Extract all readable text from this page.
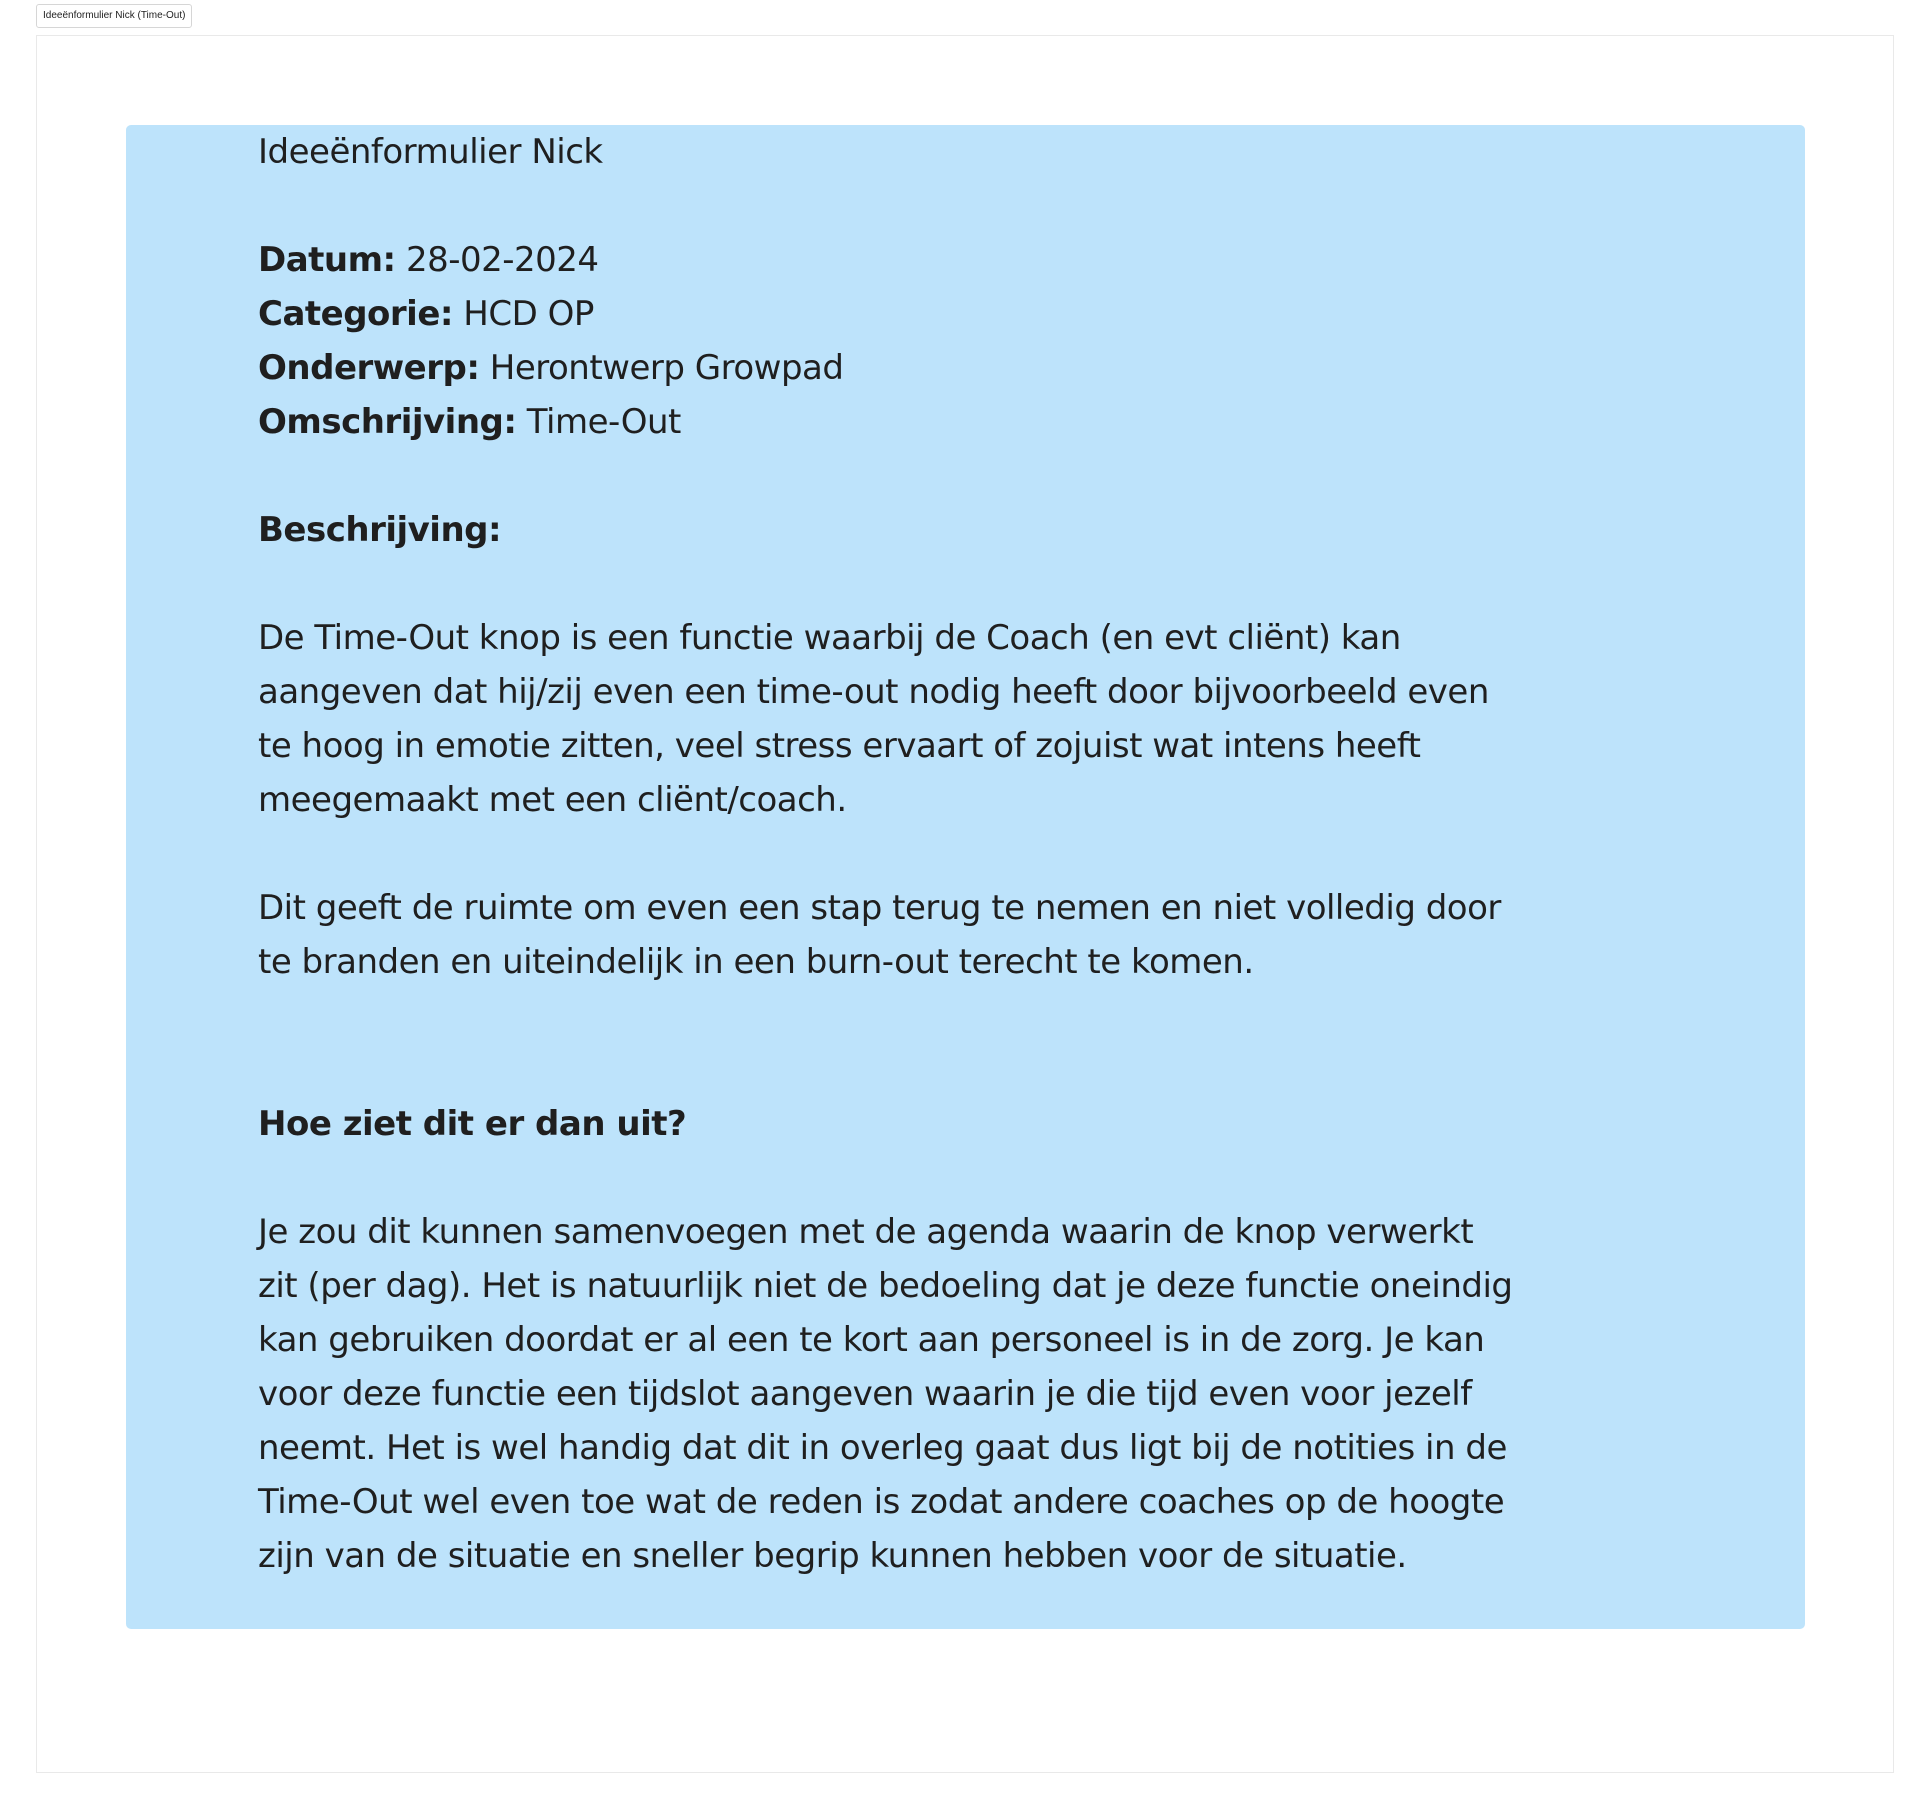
Ideeënformulier Nick (Time-Out)
Ideeënformulier Nick
Datum: 28-02-2024
Categorie: HCD OP
Onderwerp: Herontwerp Growpad
Omschrijving: Time-Out
Beschrijving:
De Time-Out knop is een functie waarbij de Coach (en evt cliënt) kan aangeven dat hij/zij even een time-out nodig heeft door bijvoorbeeld even te hoog in emotie zitten, veel stress ervaart of zojuist wat intens heeft meegemaakt met een cliënt/coach.
Dit geeft de ruimte om even een stap terug te nemen en niet volledig door te branden en uiteindelijk in een burn-out terecht te komen.
Hoe ziet dit er dan uit?
Je zou dit kunnen samenvoegen met de agenda waarin de knop verwerkt zit (per dag). Het is natuurlijk niet de bedoeling dat je deze functie oneindig kan gebruiken doordat er al een te kort aan personeel is in de zorg. Je kan voor deze functie een tijdslot aangeven waarin je die tijd even voor jezelf neemt. Het is wel handig dat dit in overleg gaat dus ligt bij de notities in de Time-Out wel even toe wat de reden is zodat andere coaches op de hoogte zijn van de situatie en sneller begrip kunnen hebben voor de situatie.
